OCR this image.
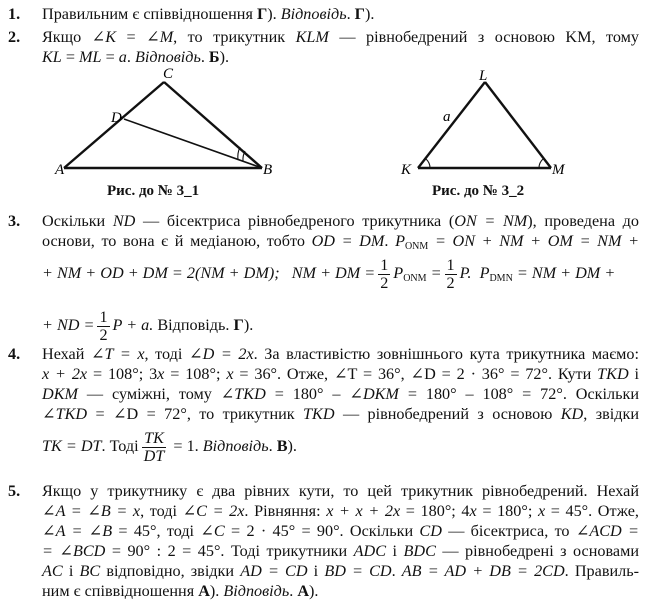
1. Правильним є співвідношення Г). Відповідь. Г).
2. Якщо ∠K = ∠M, то трикутник KLM — рівнобедрений з основою KM, тому
KL = ML = a. Відповідь. Б).
C
D
A	B
Рис. до № 3_1
L
a
K	M
Рис. до № 3_2
3. Оскільки ND — бісектриса рівнобедреного трикутника (ON = NM), проведена до
основи, то вона є й медіаною, тобто OD = DM. $P_{ONM}$ = ON + NM + OM = NM +
+ NM + OD + DM = 2(NM + DM); NM + DM = $\frac{1}{2} P_{ONM} = \frac{1}{2} P$. $P_{DMN}$ = NM + DM +
+ ND = $\frac{1}{2}$ P + a. Відповідь. Г).
4. Нехай ∠T = x, тоді ∠D = 2x. За властивістю зовнішнього кута трикутника маємо:
x + 2x = 108°; 3x = 108°; x = 36°. Отже, ∠T = 36°, ∠D = 2 · 36° = 72°. Кути TKD і
DKM — суміжні, тому ∠TKD = 180° – ∠DKM = 180° – 108° = 72°. Оскільки
∠TKD = ∠D = 72°, то трикутник TKD — рівнобедрений з основою KD, звідки
TK = DT. Тоді $\frac{TK}{DT} = 1$. Відповідь. В).
5. Якщо у трикутнику є два рівних кути, то цей трикутник рівнобедрений. Нехай
∠A = ∠B = x, тоді ∠C = 2x. Рівняння: x + x + 2x = 180°; 4x = 180°; x = 45°. Отже,
∠A = ∠B = 45°, тоді ∠C = 2 · 45° = 90°. Оскільки CD — бісектриса, то ∠ACD =
= ∠BCD = 90° : 2 = 45°. Тоді трикутники ADC і BDC — рівнобедрені з основами
AC і BC відповідно, звідки AD = CD і BD = CD. AB = AD + DB = 2CD. Правиль-
ним є співвідношення А). Відповідь. А).
